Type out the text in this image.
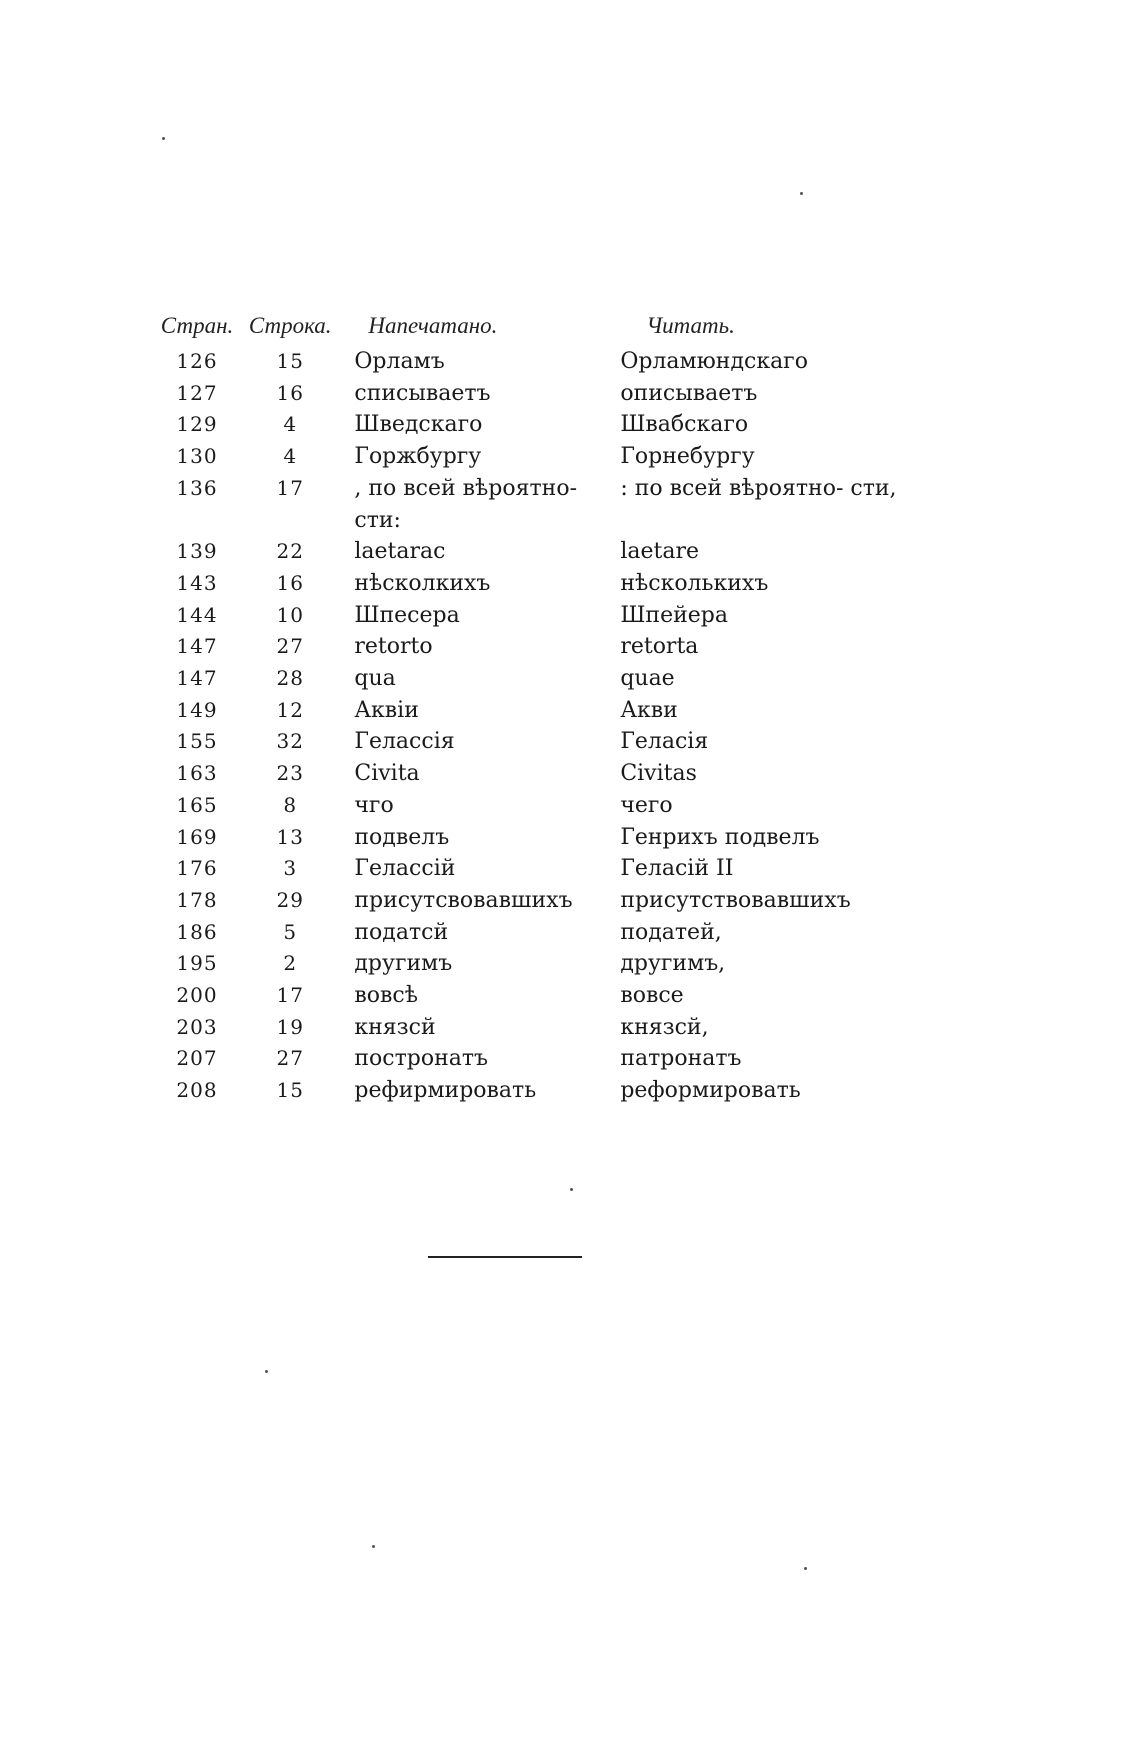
Стран.	Строка.	Напечатано.	Читать.
126	15	Орламъ	Орламюндскаго
127	16	списываетъ	описываетъ
129	4	Шведскаго	Швабскаго
130	4	Горжбургу	Горнебургу
136	17	, по всей вѣроятно- сти:	: по всей вѣроятно- сти,
139	22	laetarac	laetare
143	16	нѣсколкихъ	нѣсколькихъ
144	10	Шпесера	Шпейера
147	27	retorto	retorta
147	28	qua	quae
149	12	Аквіи	Акви
155	32	Гелассія	Геласія
163	23	Civita	Civitas
165	8	чго	чего
169	13	подвелъ	Генрихъ подвелъ
176	3	Гелассій	Геласій II
178	29	присутсвовавшихъ	присутствовавшихъ
186	5	податсй	податей,
195	2	другимъ	другимъ,
200	17	вовсѣ	вовсе
203	19	князсй	князсй,
207	27	постронатъ	патронатъ
208	15	рефирмировать	реформировать
